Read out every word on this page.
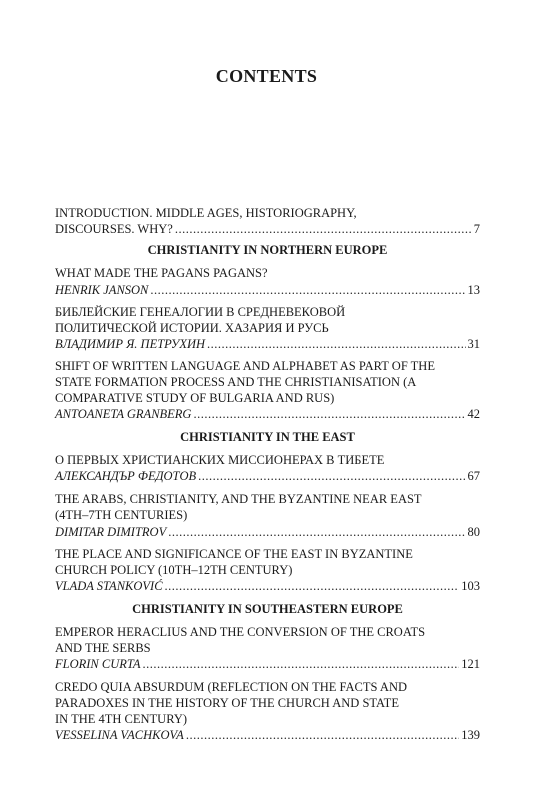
CONTENTS
INTRODUCTION. MIDDLE AGES, HISTORIOGRAPHY,
DISCOURSES. WHY? .....	7
CHRISTIANITY IN NORTHERN EUROPE
WHAT MADE THE PAGANS PAGANS?
HENRIK JANSON .....	13
БИБЛЕЙСКИЕ ГЕНЕАЛОГИИ В СРЕДНЕВЕКОВОЙ
ПОЛИТИЧЕСКОЙ ИСТОРИИ. ХАЗАРИЯ И РУСЬ
ВЛАДИМИР Я. ПЕТРУХИН .....	31
SHIFT OF WRITTEN LANGUAGE AND ALPHABET AS PART OF THE
STATE FORMATION PROCESS AND THE CHRISTIANISATION (A
COMPARATIVE STUDY OF BULGARIA AND RUS)
ANTOANETA GRANBERG .....	42
CHRISTIANITY IN THE EAST
О ПЕРВЫХ ХРИСТИАНСКИХ МИССИОНЕРАХ В ТИБЕТЕ
АЛЕКСАНДЪР ФЕДОТОВ .....	67
THE ARABS, CHRISTIANITY, AND THE BYZANTINE NEAR EAST
(4TH–7TH CENTURIES)
DIMITAR DIMITROV .....	80
THE PLACE AND SIGNIFICANCE OF THE EAST IN BYZANTINE
CHURCH POLICY (10TH–12TH CENTURY)
VLADA STANKOVIĆ .....	103
CHRISTIANITY IN SOUTHEASTERN EUROPE
EMPEROR HERACLIUS AND THE CONVERSION OF THE CROATS
AND THE SERBS
FLORIN CURTA .....	121
CREDO QUIA ABSURDUM (REFLECTION ON THE FACTS AND
PARADOXES IN THE HISTORY OF THE CHURCH AND STATE
IN THE 4TH CENTURY)
VESSELINA VACHKOVA .....	139
